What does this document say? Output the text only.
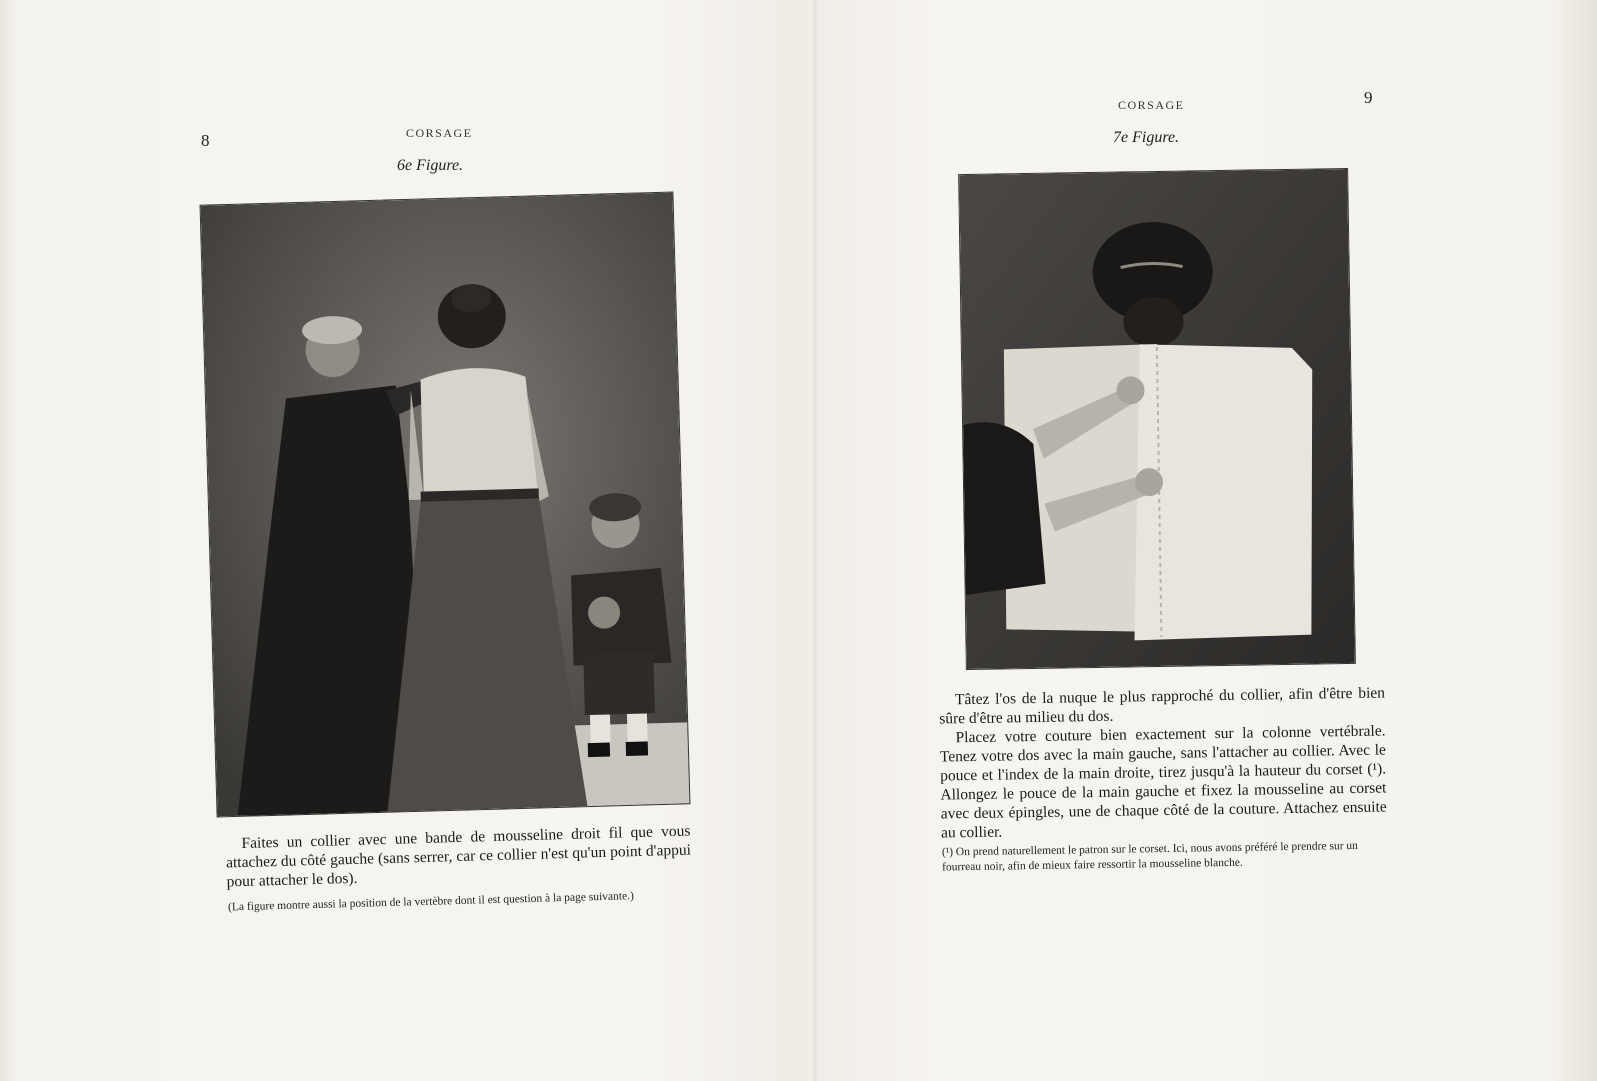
8	CORSAGE
6e Figure.

Faites un collier avec une bande de mousseline droit fil que vous attachez du côté gauche (sans serrer, car ce collier n'est qu'un point d'appui pour attacher le dos).

(La figure montre aussi la position de la vertèbre dont il est question à la page suivante.)
9
CORSAGE
7e Figure.

Tâtez l'os de la nuque le plus rapproché du collier, afin d'être bien sûre d'être au milieu du dos.

Placez votre couture bien exactement sur la colonne vertébrale. Tenez votre dos avec la main gauche, sans l'attacher au collier. Avec le pouce et l'index de la main droite, tirez jusqu'à la hauteur du corset (¹). Allongez le pouce de la main gauche et fixez la mousseline au corset avec deux épingles, une de chaque côté de la couture. Attachez ensuite au collier.

(¹) On prend naturellement le patron sur le corset. Ici, nous avons préféré le prendre sur un fourreau noir, afin de mieux faire ressortir la mousseline blanche.
